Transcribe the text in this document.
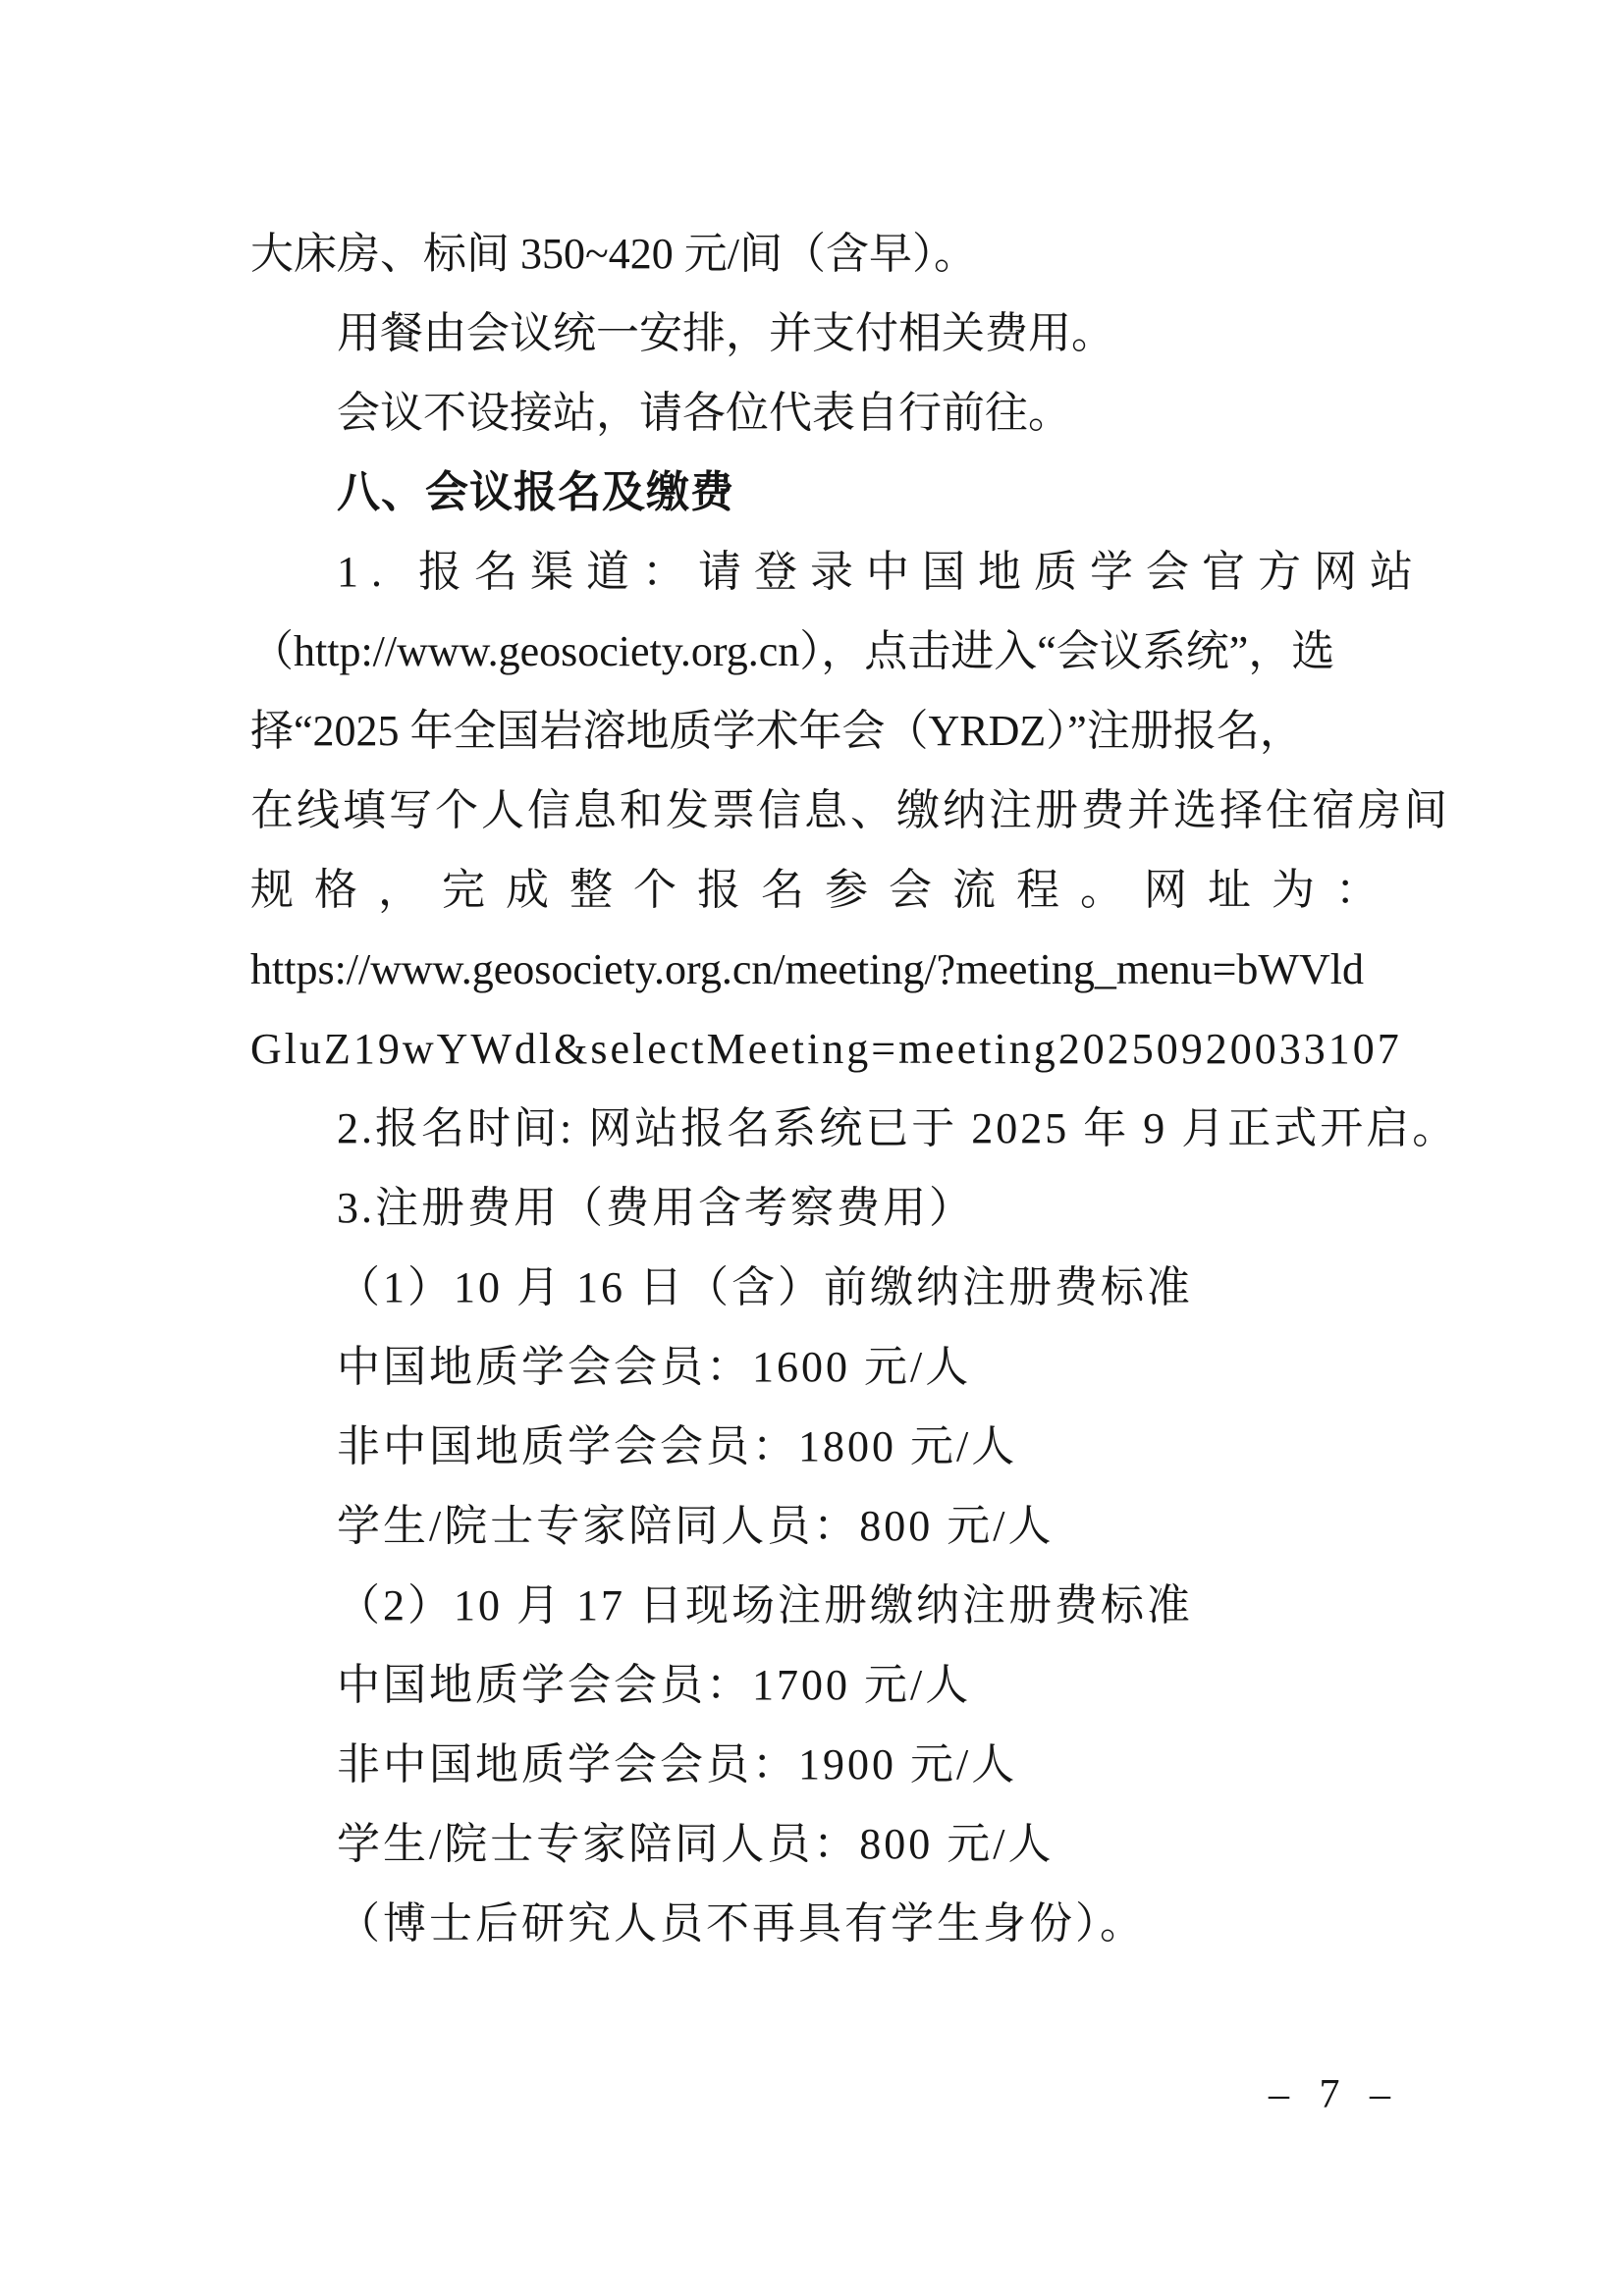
大床房、标间 350~420 元/间（含早）。
用餐由会议统一安排，并支付相关费用。
会议不设接站，请各位代表自行前往。
八、会议报名及缴费
1. 报名渠道：请登录中国地质学会官方网站
（http://www.geosociety.org.cn），点击进入“会议系统”，选
择“2025 年全国岩溶地质学术年会（YRDZ）”注册报名，
在线填写个人信息和发票信息、缴纳注册费并选择住宿房间
规格，完成整个报名参会流程。网址为：
https://www.geosociety.org.cn/meeting/?meeting_menu=bWVld
GluZ19wYWdl&selectMeeting=meeting20250920033107
2.报名时间: 网站报名系统已于 2025 年 9 月正式开启。
3.注册费用（费用含考察费用）
（1）10 月 16 日（含）前缴纳注册费标准
中国地质学会会员：1600 元/人
非中国地质学会会员：1800 元/人
学生/院士专家陪同人员：800 元/人
（2）10 月 17 日现场注册缴纳注册费标准
中国地质学会会员：1700 元/人
非中国地质学会会员：1900 元/人
学生/院士专家陪同人员：800 元/人
（博士后研究人员不再具有学生身份）。
– 7 –
